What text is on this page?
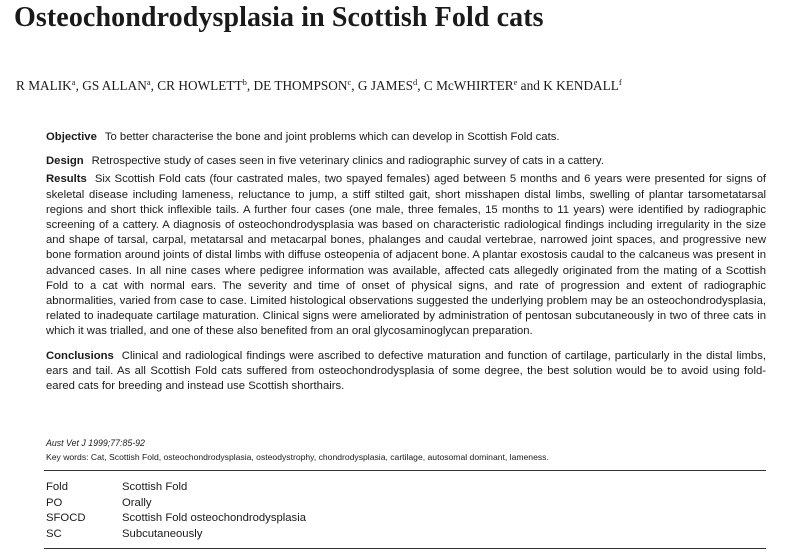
Osteochondrodysplasia in Scottish Fold cats
R MALIK$^a$, GS ALLAN$^a$, CR HOWLETT$^b$, DE THOMPSON$^c$, G JAMES$^d$, C McWHIRTER$^e$ and K KENDALL$^f$

Objective To better characterise the bone and joint problems which can develop in Scottish Fold cats.

Design Retrospective study of cases seen in five veterinary clinics and radiographic survey of cats in a cattery.

Results Six Scottish Fold cats (four castrated males, two spayed females) aged between 5 months and 6 years were presented for signs of skeletal disease including lameness, reluctance to jump, a stiff stilted gait, short misshapen distal limbs, swelling of plantar tarsometatarsal regions and short thick inflexible tails. A further four cases (one male, three females, 15 months to 11 years) were identified by radiographic screening of a cattery. A diagnosis of osteochondrodysplasia was based on characteristic radiological findings including irregularity in the size and shape of tarsal, carpal, metatarsal and metacarpal bones, phalanges and caudal vertebrae, narrowed joint spaces, and progressive new bone formation around joints of distal limbs with diffuse osteopenia of adjacent bone. A plantar exostosis caudal to the calcaneus was present in advanced cases. In all nine cases where pedigree information was available, affected cats allegedly originated from the mating of a Scottish Fold to a cat with normal ears. The severity and time of onset of physical signs, and rate of progression and extent of radiographic abnormalities, varied from case to case. Limited histological observations suggested the underlying problem may be an osteochondrodysplasia, related to inadequate cartilage maturation. Clinical signs were ameliorated by administration of pentosan subcutaneously in two of three cats in which it was trialled, and one of these also benefited from an oral glycosaminoglycan preparation.

Conclusions Clinical and radiological findings were ascribed to defective maturation and function of cartilage, particularly in the distal limbs, ears and tail. As all Scottish Fold cats suffered from osteochondrodysplasia of some degree, the best solution would be to avoid using fold-eared cats for breeding and instead use Scottish shorthairs.

Aust Vet J 1999;77:85-92
Key words: Cat, Scottish Fold, osteochondrodysplasia, osteodystrophy, chondrodysplasia, cartilage, autosomal dominant, lameness.
Fold	Scottish Fold
PO	Orally
SFOCD	Scottish Fold osteochondrodysplasia
SC	Subcutaneously
